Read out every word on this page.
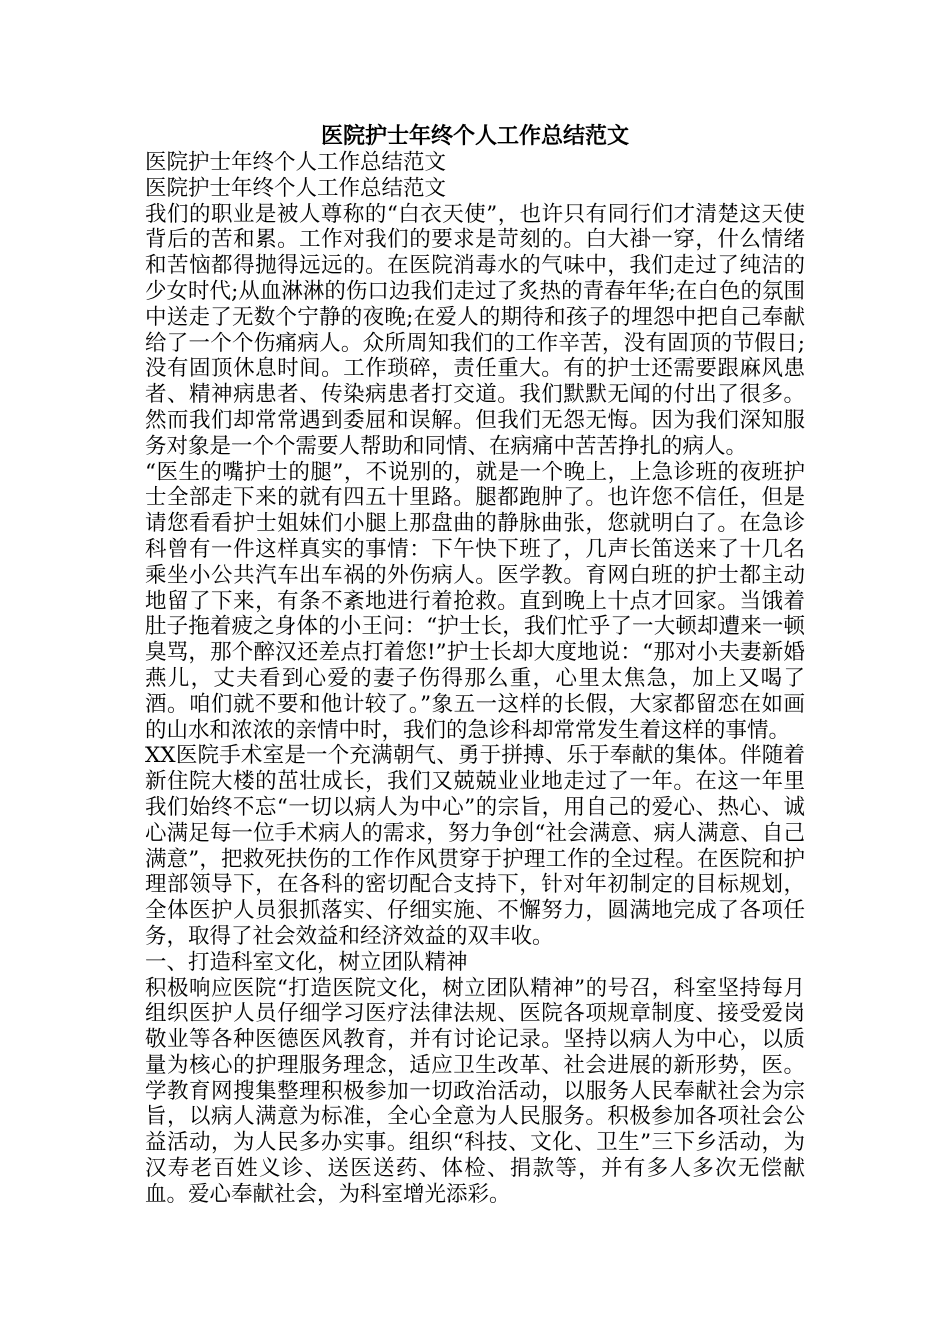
医院护士年终个人工作总结范文
医院护士年终个人工作总结范文
医院护士年终个人工作总结范文

我们的职业是被人尊称的“白衣天使”，也许只有同行们才清楚这天使背后的苦和累。工作对我们的要求是苛刻的。白大褂一穿，什么情绪和苦恼都得抛得远远的。在医院消毒水的气味中，我们走过了纯洁的少女时代;从血淋淋的伤口边我们走过了炙热的青春年华;在白色的氛围中送走了无数个宁静的夜晚;在爱人的期待和孩子的埋怨中把自己奉献给了一个个伤痛病人。众所周知我们的工作辛苦，没有固顶的节假日;没有固顶休息时间。工作琐碎，责任重大。有的护士还需要跟麻风患者、精神病患者、传染病患者打交道。我们默默无闻的付出了很多。然而我们却常常遇到委屈和误解。但我们无怨无悔。因为我们深知服务对象是一个个需要人帮助和同情、在病痛中苦苦挣扎的病人。

“医生的嘴护士的腿”，不说别的，就是一个晚上，上急诊班的夜班护士全部走下来的就有四五十里路。腿都跑肿了。也许您不信任，但是请您看看护士姐妹们小腿上那盘曲的静脉曲张，您就明白了。在急诊科曾有一件这样真实的事情：下午快下班了，几声长笛送来了十几名乘坐小公共汽车出车祸的外伤病人。医学教。育网白班的护士都主动地留了下来，有条不紊地进行着抢救。直到晚上十点才回家。当饿着肚子拖着疲之身体的小王问：“护士长，我们忙乎了一大顿却遭来一顿臭骂，那个醉汉还差点打着您!”护士长却大度地说：“那对小夫妻新婚燕儿，丈夫看到心爱的妻子伤得那么重，心里太焦急，加上又喝了酒。咱们就不要和他计较了。”象五一这样的长假，大家都留恋在如画的山水和浓浓的亲情中时，我们的急诊科却常常发生着这样的事情。

XX医院手术室是一个充满朝气、勇于拼搏、乐于奉献的集体。伴随着新住院大楼的茁壮成长，我们又兢兢业业地走过了一年。在这一年里我们始终不忘“一切以病人为中心”的宗旨，用自己的爱心、热心、诚心满足每一位手术病人的需求，努力争创“社会满意、病人满意、自己满意”，把救死扶伤的工作作风贯穿于护理工作的全过程。在医院和护理部领导下，在各科的密切配合支持下，针对年初制定的目标规划，全体医护人员狠抓落实、仔细实施、不懈努力，圆满地完成了各项任务，取得了社会效益和经济效益的双丰收。

一、打造科室文化，树立团队精神

积极响应医院“打造医院文化，树立团队精神”的号召，科室坚持每月组织医护人员仔细学习医疗法律法规、医院各项规章制度、接受爱岗敬业等各种医德医风教育，并有讨论记录。坚持以病人为中心，以质量为核心的护理服务理念，适应卫生改革、社会进展的新形势，医。学教育网搜集整理积极参加一切政治活动，以服务人民奉献社会为宗旨，以病人满意为标准，全心全意为人民服务。积极参加各项社会公益活动，为人民多办实事。组织“科技、文化、卫生”三下乡活动，为汉寿老百姓义诊、送医送药、体检、捐款等，并有多人多次无偿献血。爱心奉献社会，为科室增光添彩。
